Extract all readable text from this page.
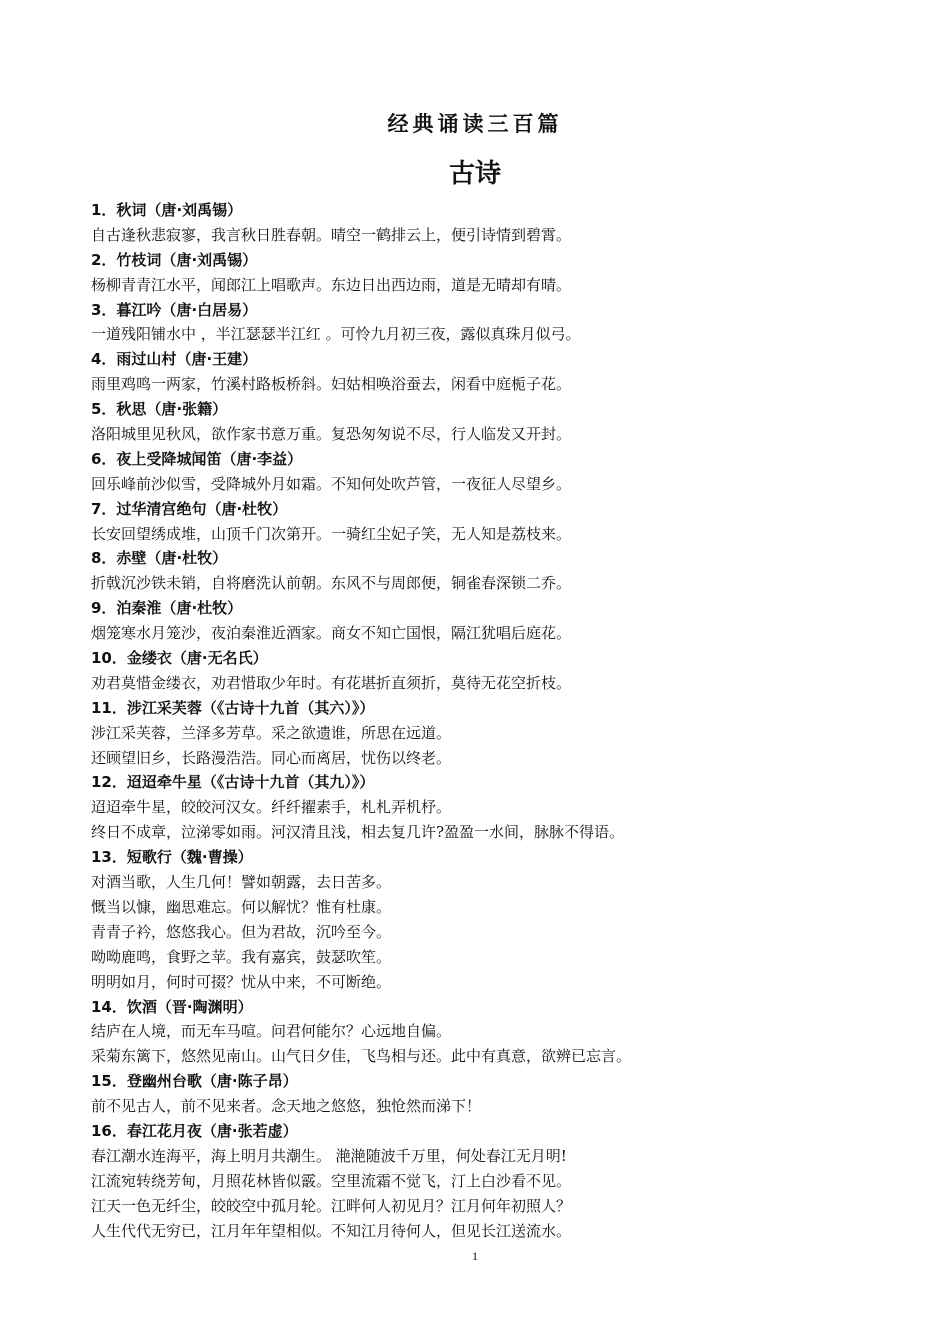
经典诵读三百篇
古诗
1．秋词（唐·刘禹锡）
自古逢秋悲寂寥，我言秋日胜春朝。晴空一鹤排云上，便引诗情到碧霄。
2．竹枝词（唐·刘禹锡）
杨柳青青江水平，闻郎江上唱歌声。东边日出西边雨，道是无晴却有晴。
3．暮江吟（唐·白居易）
一道残阳铺水中 ，半江瑟瑟半江红 。可怜九月初三夜，露似真珠月似弓。
4．雨过山村（唐·王建）
雨里鸡鸣一两家，竹溪村路板桥斜。妇姑相唤浴蚕去，闲看中庭栀子花。
5．秋思（唐·张籍）
洛阳城里见秋风，欲作家书意万重。复恐匆匆说不尽，行人临发又开封。
6．夜上受降城闻笛（唐·李益）
回乐峰前沙似雪，受降城外月如霜。不知何处吹芦管，一夜征人尽望乡。
7．过华清宫绝句（唐·杜牧）
长安回望绣成堆，山顶千门次第开。一骑红尘妃子笑，无人知是荔枝来。
8．赤壁（唐·杜牧）
折戟沉沙铁未销，自将磨洗认前朝。东风不与周郎便，铜雀春深锁二乔。
9．泊秦淮（唐·杜牧）
烟笼寒水月笼沙，夜泊秦淮近酒家。商女不知亡国恨，隔江犹唱后庭花。
10．金缕衣（唐·无名氏）
劝君莫惜金缕衣，劝君惜取少年时。有花堪折直须折，莫待无花空折枝。
11．涉江采芙蓉（《古诗十九首（其六）》）
涉江采芙蓉，兰泽多芳草。采之欲遗谁，所思在远道。
还顾望旧乡，长路漫浩浩。同心而离居，忧伤以终老。
12．迢迢牵牛星（《古诗十九首（其九）》）
迢迢牵牛星，皎皎河汉女。纤纤擢素手，札札弄机杼。
终日不成章，泣涕零如雨。河汉清且浅，相去复几许?盈盈一水间，脉脉不得语。
13．短歌行（魏·曹操）
对酒当歌，人生几何！譬如朝露，去日苦多。
慨当以慷，幽思难忘。何以解忧？惟有杜康。
青青子衿，悠悠我心。但为君故，沉吟至今。
呦呦鹿鸣，食野之苹。我有嘉宾，鼓瑟吹笙。
明明如月，何时可掇？忧从中来，不可断绝。
14．饮酒（晋·陶渊明）
结庐在人境，而无车马喧。问君何能尔？心远地自偏。
采菊东篱下，悠然见南山。山气日夕佳，飞鸟相与还。此中有真意，欲辨已忘言。
15．登幽州台歌（唐·陈子昂）
前不见古人，前不见来者。念天地之悠悠，独怆然而涕下！
16．春江花月夜（唐·张若虚）
春江潮水连海平，海上明月共潮生。 滟滟随波千万里，何处春江无月明!
江流宛转绕芳甸，月照花林皆似霰。空里流霜不觉飞，汀上白沙看不见。
江天一色无纤尘，皎皎空中孤月轮。江畔何人初见月？江月何年初照人？
人生代代无穷已，江月年年望相似。不知江月待何人，但见长江送流水。
1
